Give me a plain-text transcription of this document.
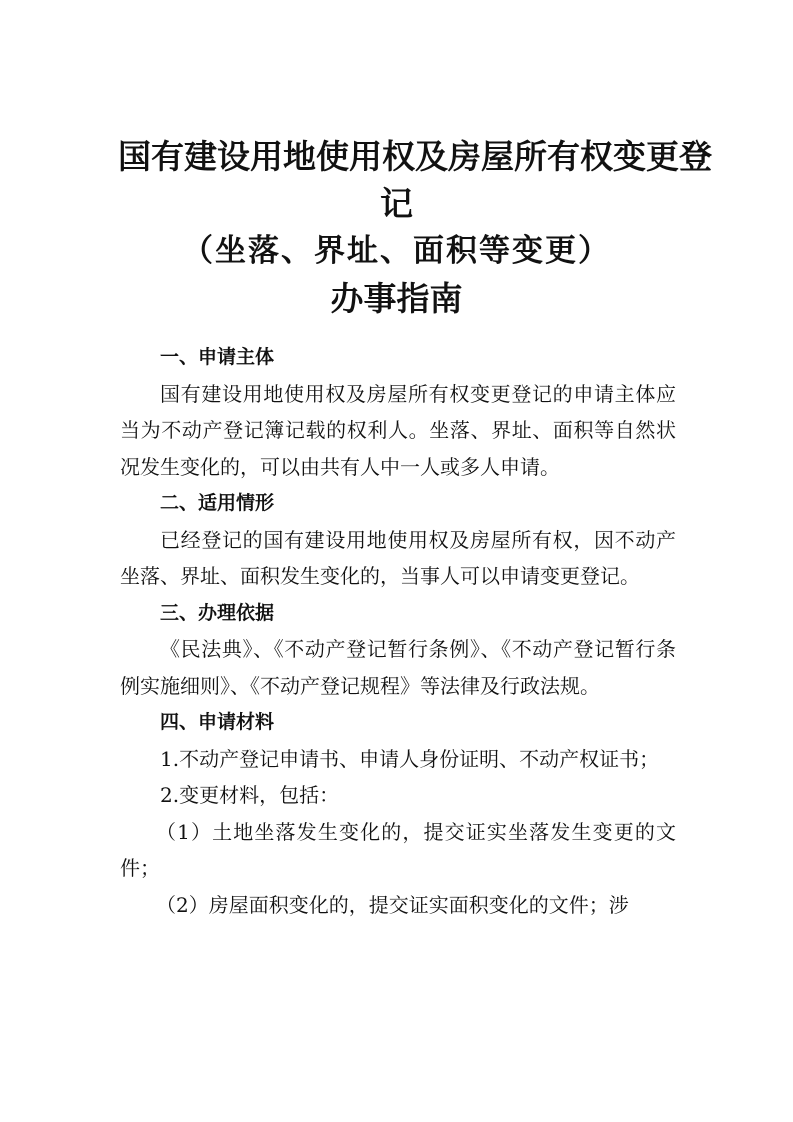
国有建设用地使用权及房屋所有权变更登
记
（坐落、界址、面积等变更）
办事指南
一、申请主体
国有建设用地使用权及房屋所有权变更登记的申请主体应当为不动产登记簿记载的权利人。坐落、界址、面积等自然状况发生变化的，可以由共有人中一人或多人申请。
二、适用情形
已经登记的国有建设用地使用权及房屋所有权，因不动产坐落、界址、面积发生变化的，当事人可以申请变更登记。
三、办理依据
《民法典》、《不动产登记暂行条例》、《不动产登记暂行条例实施细则》、《不动产登记规程》等法律及行政法规。
四、申请材料
1.不动产登记申请书、申请人身份证明、不动产权证书；
2.变更材料，包括：
（1）土地坐落发生变化的，提交证实坐落发生变更的文件；
（2）房屋面积变化的，提交证实面积变化的文件；涉
